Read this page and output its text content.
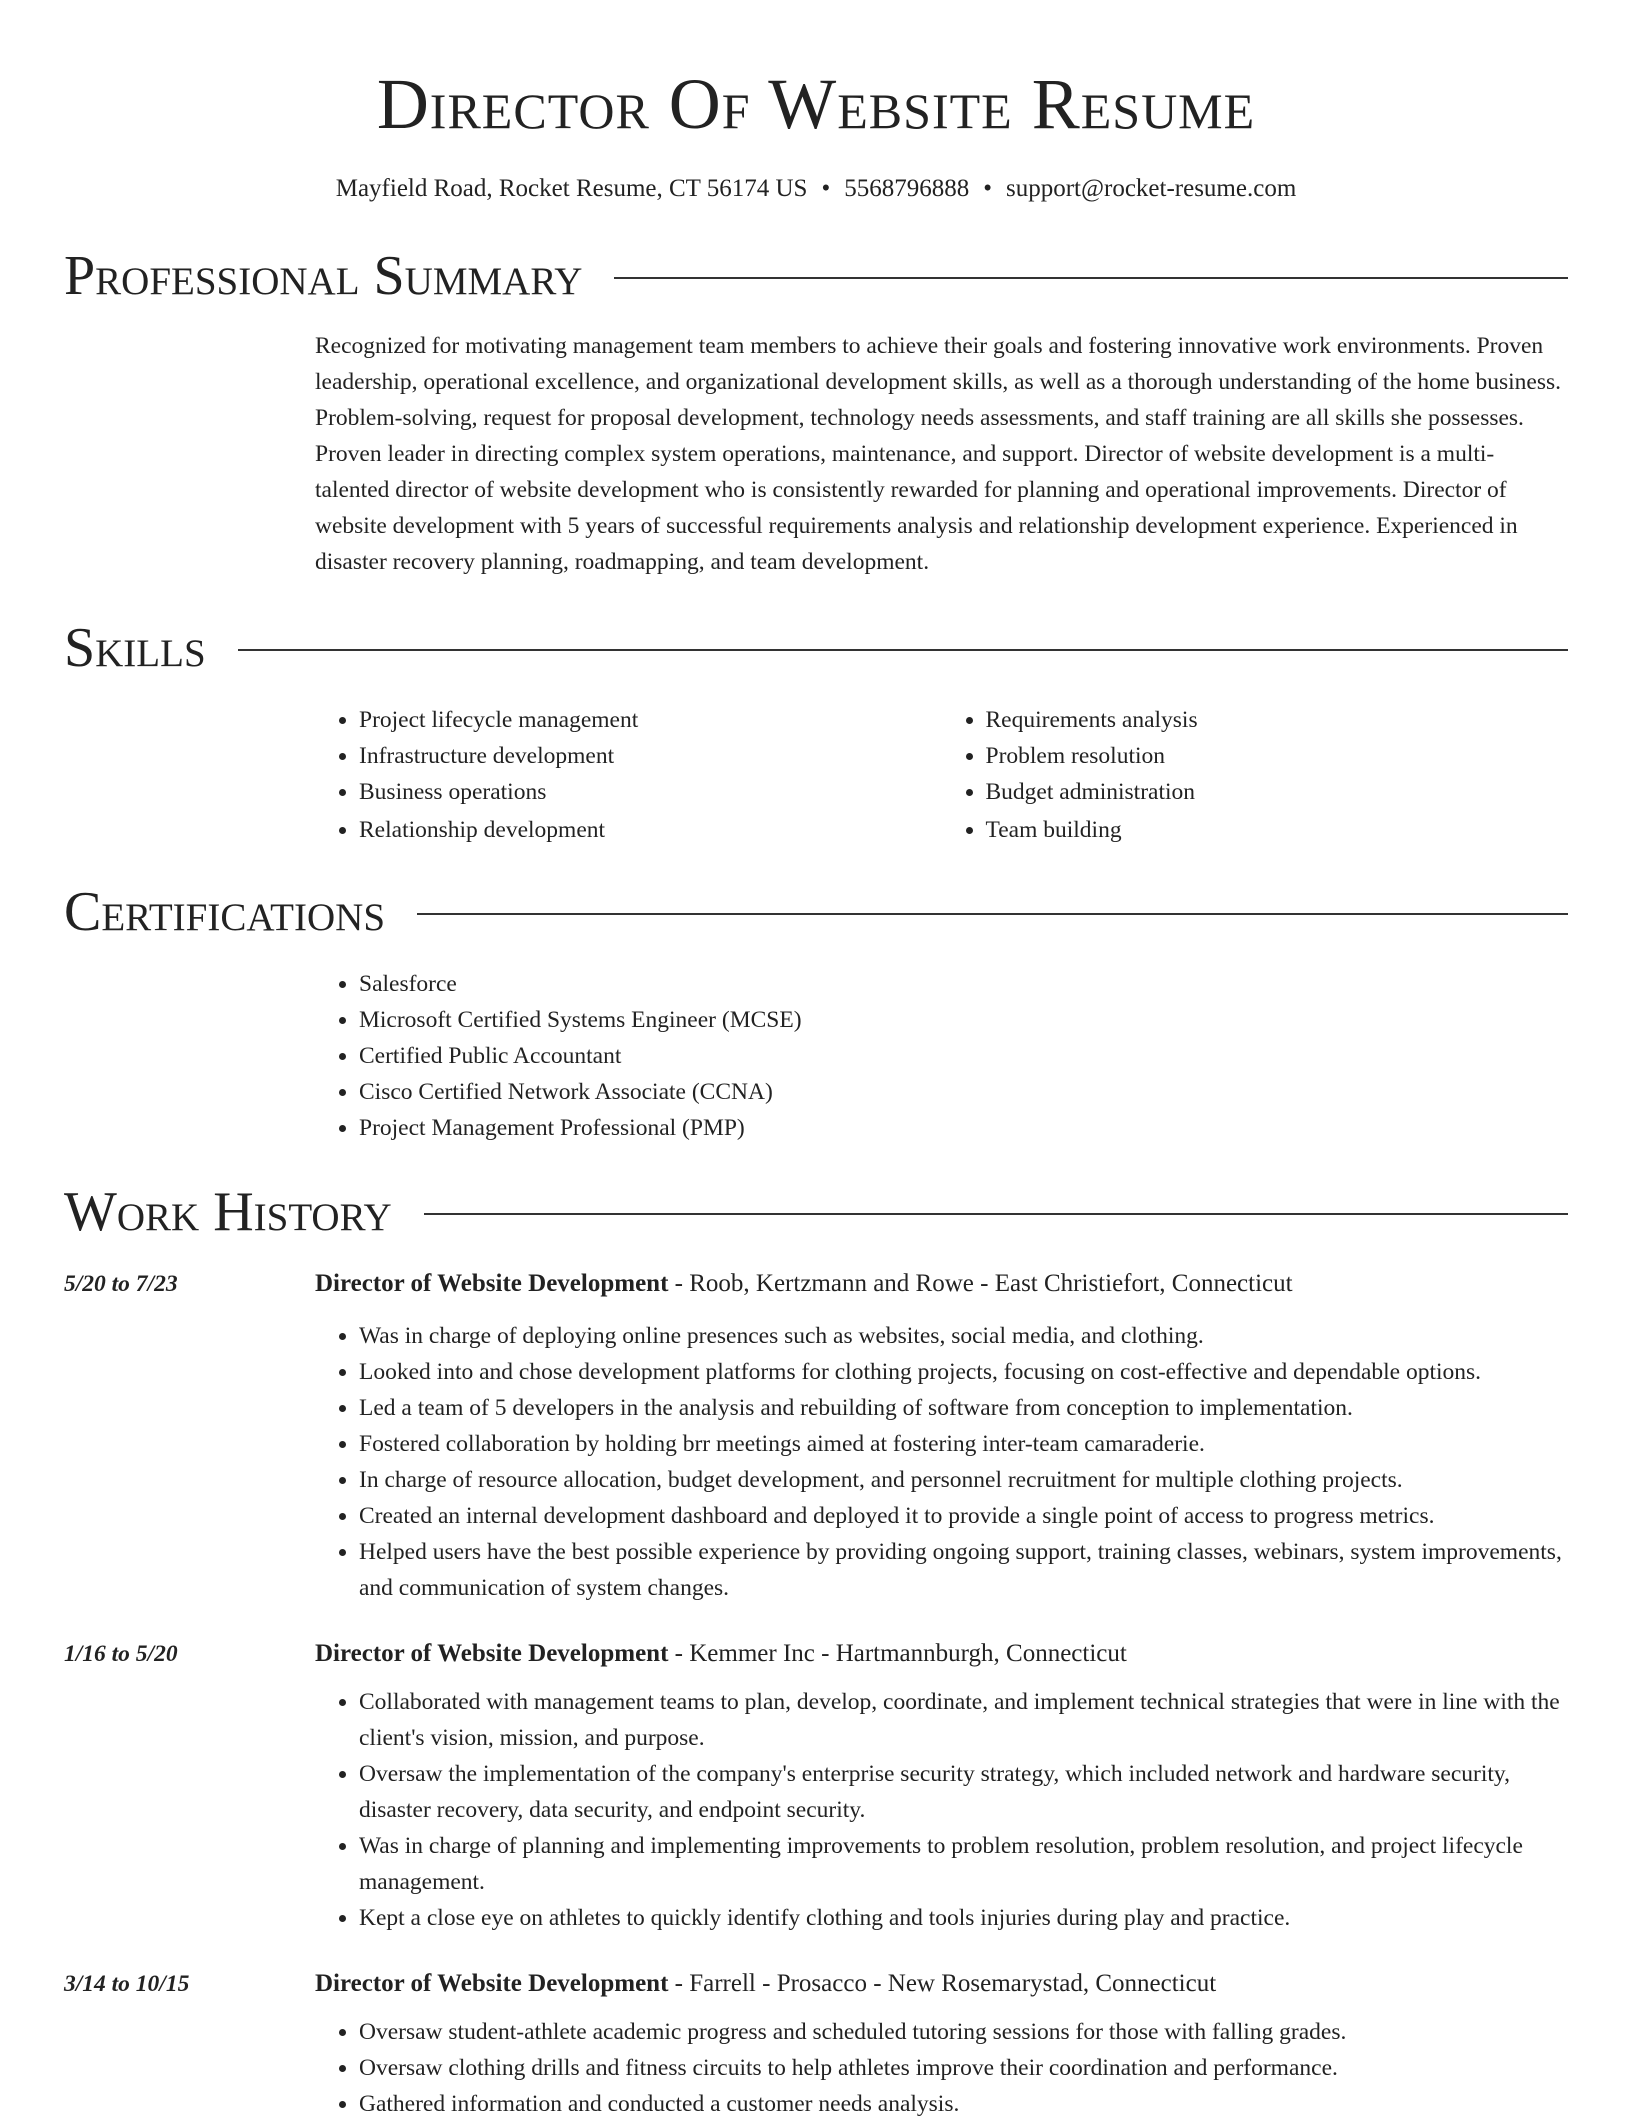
Director Of Website Resume
Mayfield Road, Rocket Resume, CT 56174 US • 5568796888 • support@rocket-resume.com
Professional Summary
Recognized for motivating management team members to achieve their goals and fostering innovative work environments. Proven leadership, operational excellence, and organizational development skills, as well as a thorough understanding of the home business. Problem-solving, request for proposal development, technology needs assessments, and staff training are all skills she possesses. Proven leader in directing complex system operations, maintenance, and support. Director of website development is a multi-talented director of website development who is consistently rewarded for planning and operational improvements. Director of website development with 5 years of successful requirements analysis and relationship development experience. Experienced in disaster recovery planning, roadmapping, and team development.
Skills
• Project lifecycle management
• Infrastructure development
• Business operations
• Relationship development
• Requirements analysis
• Problem resolution
• Budget administration
• Team building
Certifications
• Salesforce
• Microsoft Certified Systems Engineer (MCSE)
• Certified Public Accountant
• Cisco Certified Network Associate (CCNA)
• Project Management Professional (PMP)
Work History
5/20 to 7/23	Director of Website Development - Roob, Kertzmann and Rowe - East Christiefort, Connecticut
• Was in charge of deploying online presences such as websites, social media, and clothing.
• Looked into and chose development platforms for clothing projects, focusing on cost-effective and dependable options.
• Led a team of 5 developers in the analysis and rebuilding of software from conception to implementation.
• Fostered collaboration by holding brr meetings aimed at fostering inter-team camaraderie.
• In charge of resource allocation, budget development, and personnel recruitment for multiple clothing projects.
• Created an internal development dashboard and deployed it to provide a single point of access to progress metrics.
• Helped users have the best possible experience by providing ongoing support, training classes, webinars, system improvements, and communication of system changes.
1/16 to 5/20	Director of Website Development - Kemmer Inc - Hartmannburgh, Connecticut
• Collaborated with management teams to plan, develop, coordinate, and implement technical strategies that were in line with the client's vision, mission, and purpose.
• Oversaw the implementation of the company's enterprise security strategy, which included network and hardware security, disaster recovery, data security, and endpoint security.
• Was in charge of planning and implementing improvements to problem resolution, problem resolution, and project lifecycle management.
• Kept a close eye on athletes to quickly identify clothing and tools injuries during play and practice.
3/14 to 10/15	Director of Website Development - Farrell - Prosacco - New Rosemarystad, Connecticut
• Oversaw student-athlete academic progress and scheduled tutoring sessions for those with falling grades.
• Oversaw clothing drills and fitness circuits to help athletes improve their coordination and performance.
• Gathered information and conducted a customer needs analysis.
